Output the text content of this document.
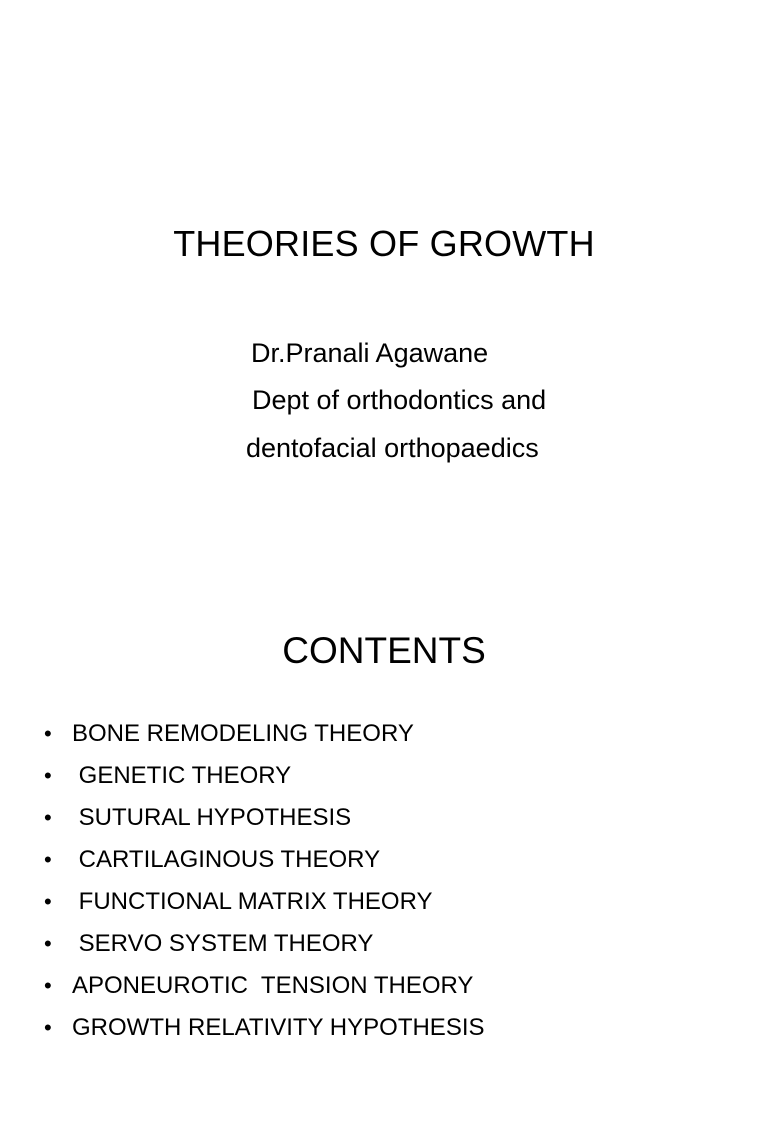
THEORIES OF GROWTH

Dr.Pranali Agawane

Dept of orthodontics and

dentofacial orthopaedics

CONTENTS

•

BONE REMODELING THEORY

•

GENETIC THEORY

•

SUTURAL HYPOTHESIS

•

CARTILAGINOUS THEORY

•

FUNCTIONAL MATRIX THEORY

•

SERVO SYSTEM THEORY

•

APONEUROTIC  TENSION THEORY

•

GROWTH RELATIVITY HYPOTHESIS
